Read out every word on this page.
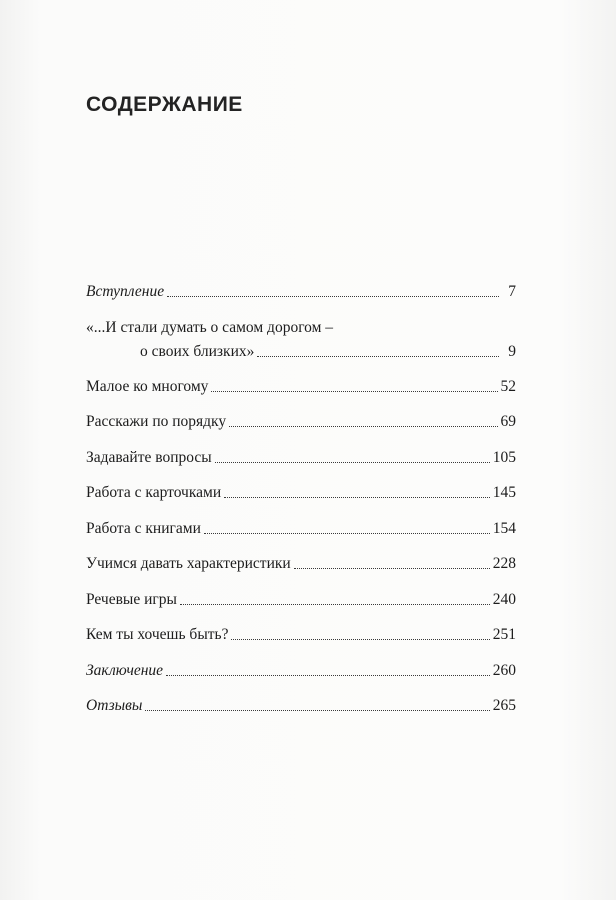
СОДЕРЖАНИЕ
Вступление	7
«...И стали думать о самом дорогом –
о своих близких»	9
Малое ко многому	52
Расскажи по порядку	69
Задавайте вопросы	105
Работа с карточками	145
Работа с книгами	154
Учимся давать характеристики	228
Речевые игры	240
Кем ты хочешь быть?	251
Заключение	260
Отзывы	265
